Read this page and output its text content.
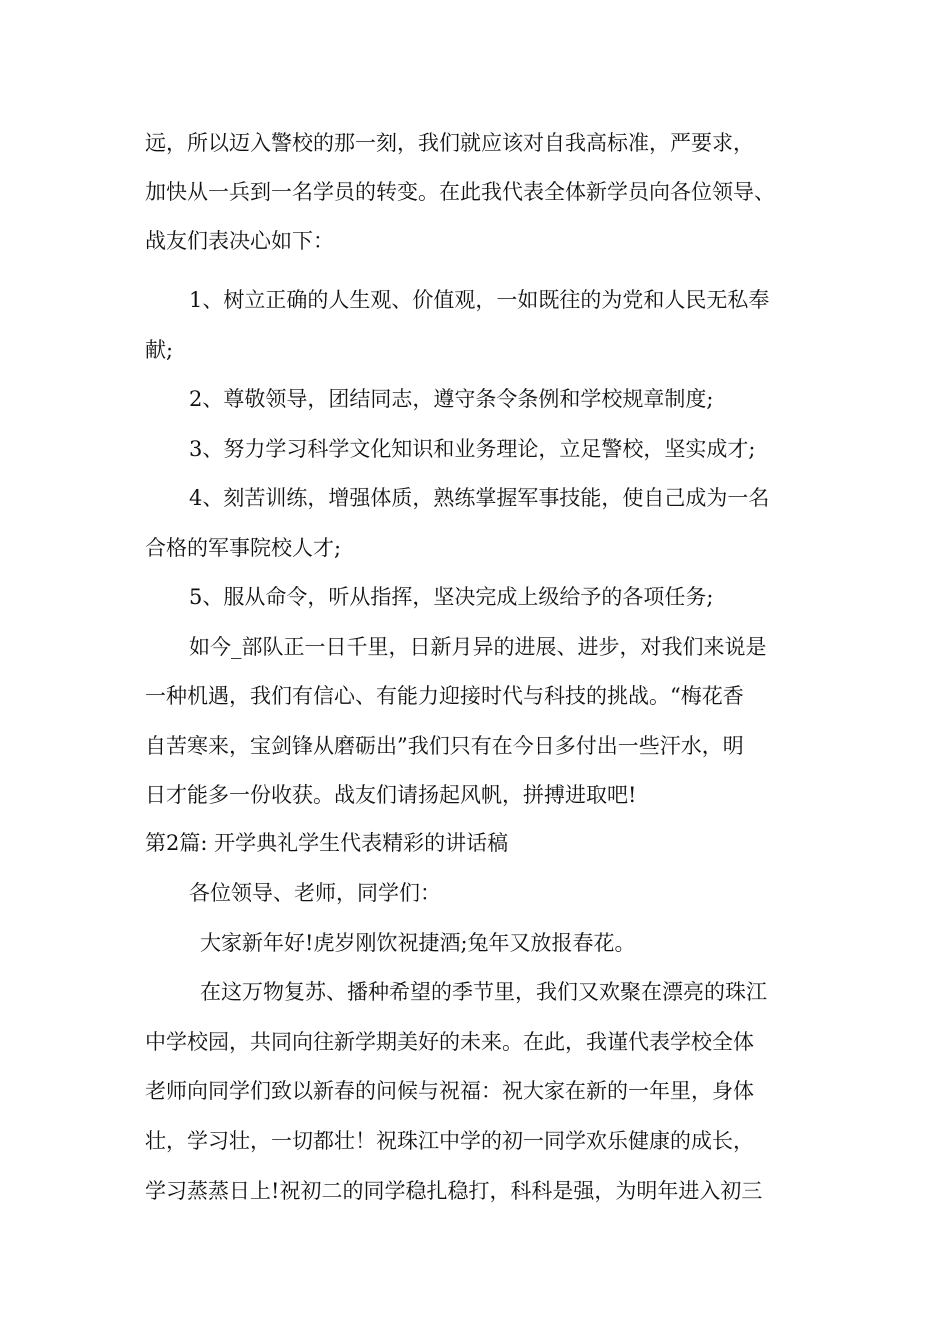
远，所以迈入警校的那一刻，我们就应该对自我高标准，严要求，
加快从一兵到一名学员的转变。在此我代表全体新学员向各位领导、
战友们表决心如下：
1、树立正确的人生观、价值观，一如既往的为党和人民无私奉
献;
2、尊敬领导，团结同志，遵守条令条例和学校规章制度;
3、努力学习科学文化知识和业务理论，立足警校，坚实成才;
4、刻苦训练，增强体质，熟练掌握军事技能，使自己成为一名
合格的军事院校人才;
5、服从命令，听从指挥，坚决完成上级给予的各项任务;
如今_部队正一日千里，日新月异的进展、进步，对我们来说是
一种机遇，我们有信心、有能力迎接时代与科技的挑战。“梅花香
自苦寒来，宝剑锋从磨砺出”我们只有在今日多付出一些汗水，明
日才能多一份收获。战友们请扬起风帆，拼搏进取吧!
第2篇: 开学典礼学生代表精彩的讲话稿
各位领导、老师，同学们：
大家新年好!虎岁刚饮祝捷酒;兔年又放报春花。
在这万物复苏、播种希望的季节里，我们又欢聚在漂亮的珠江
中学校园，共同向往新学期美好的未来。在此，我谨代表学校全体
老师向同学们致以新春的问候与祝福：祝大家在新的一年里，身体
壮，学习壮，一切都壮！祝珠江中学的初一同学欢乐健康的成长，
学习蒸蒸日上!祝初二的同学稳扎稳打，科科是强，为明年进入初三
